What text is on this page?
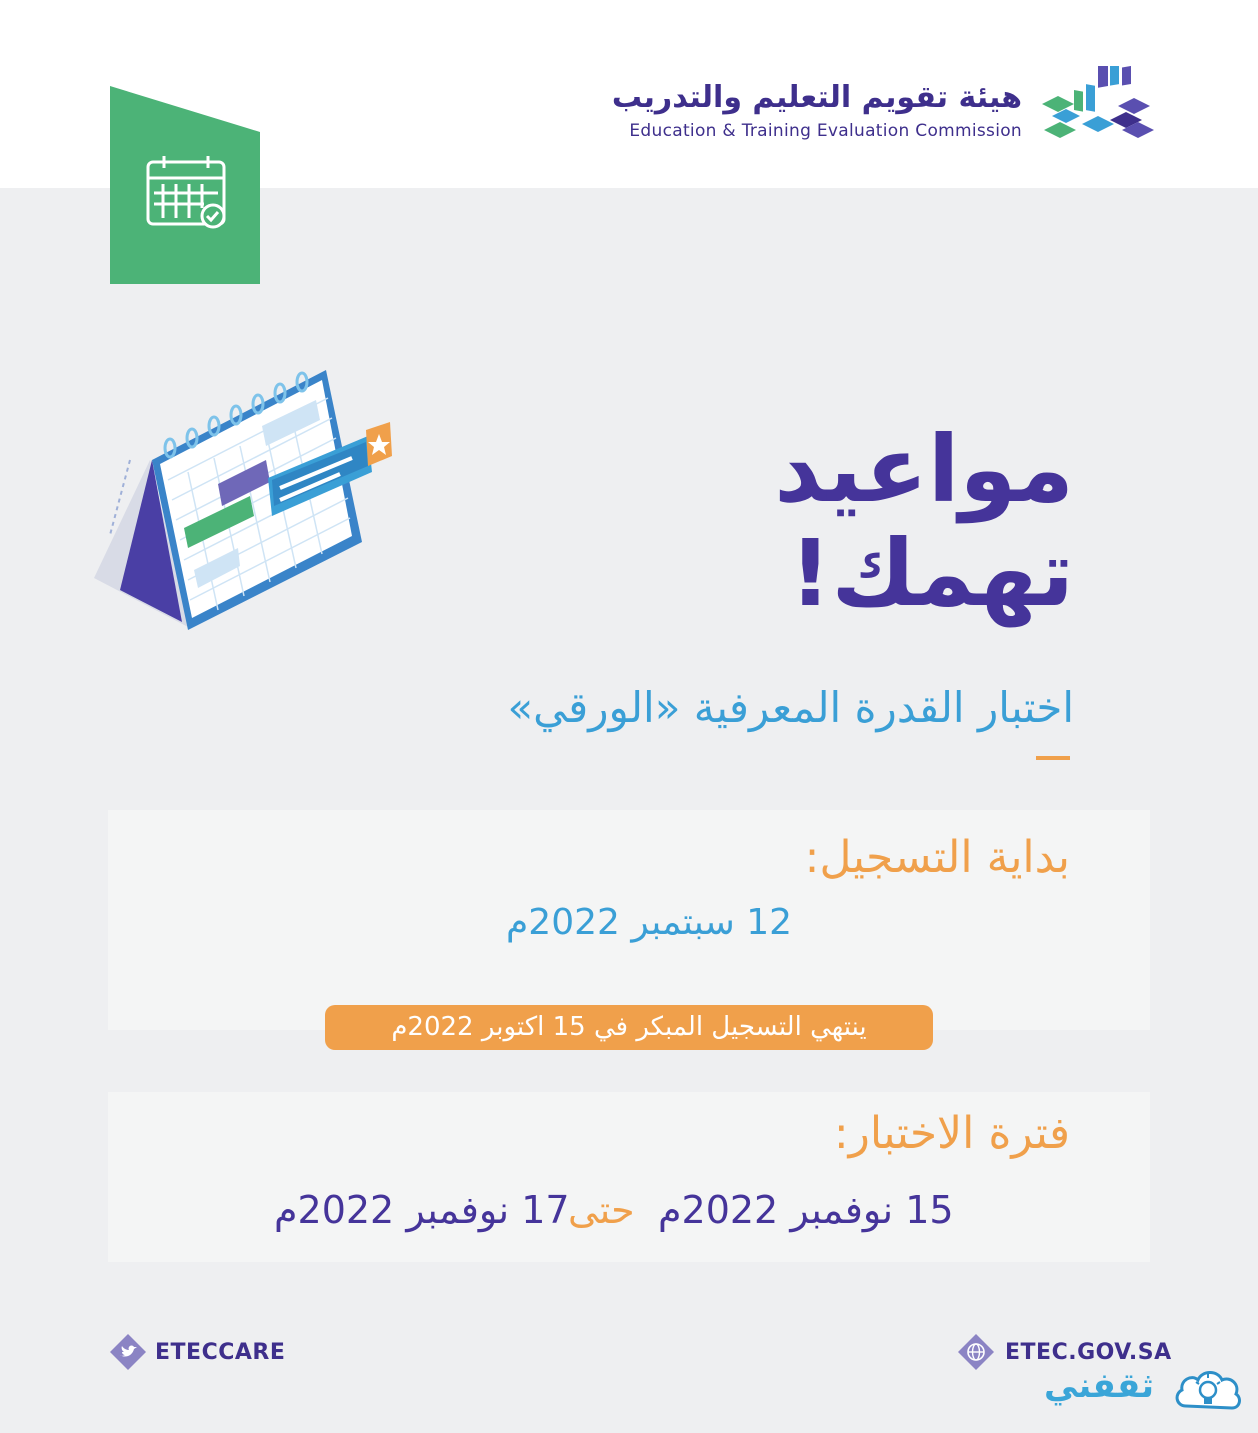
هيئة تقويم التعليم والتدريب
Education & Training Evaluation Commission
مواعيد
تهمك!
اختبار القدرة المعرفية «الورقي»
بداية التسجيل:
12 سبتمبر 2022م
ينتهي التسجيل المبكر في 15 اكتوبر 2022م
فترة الاختبار:
15 نوفمبر 2022م
حتى
17 نوفمبر 2022م
ETECCARE	ETEC.GOV.SA
ثقفني
